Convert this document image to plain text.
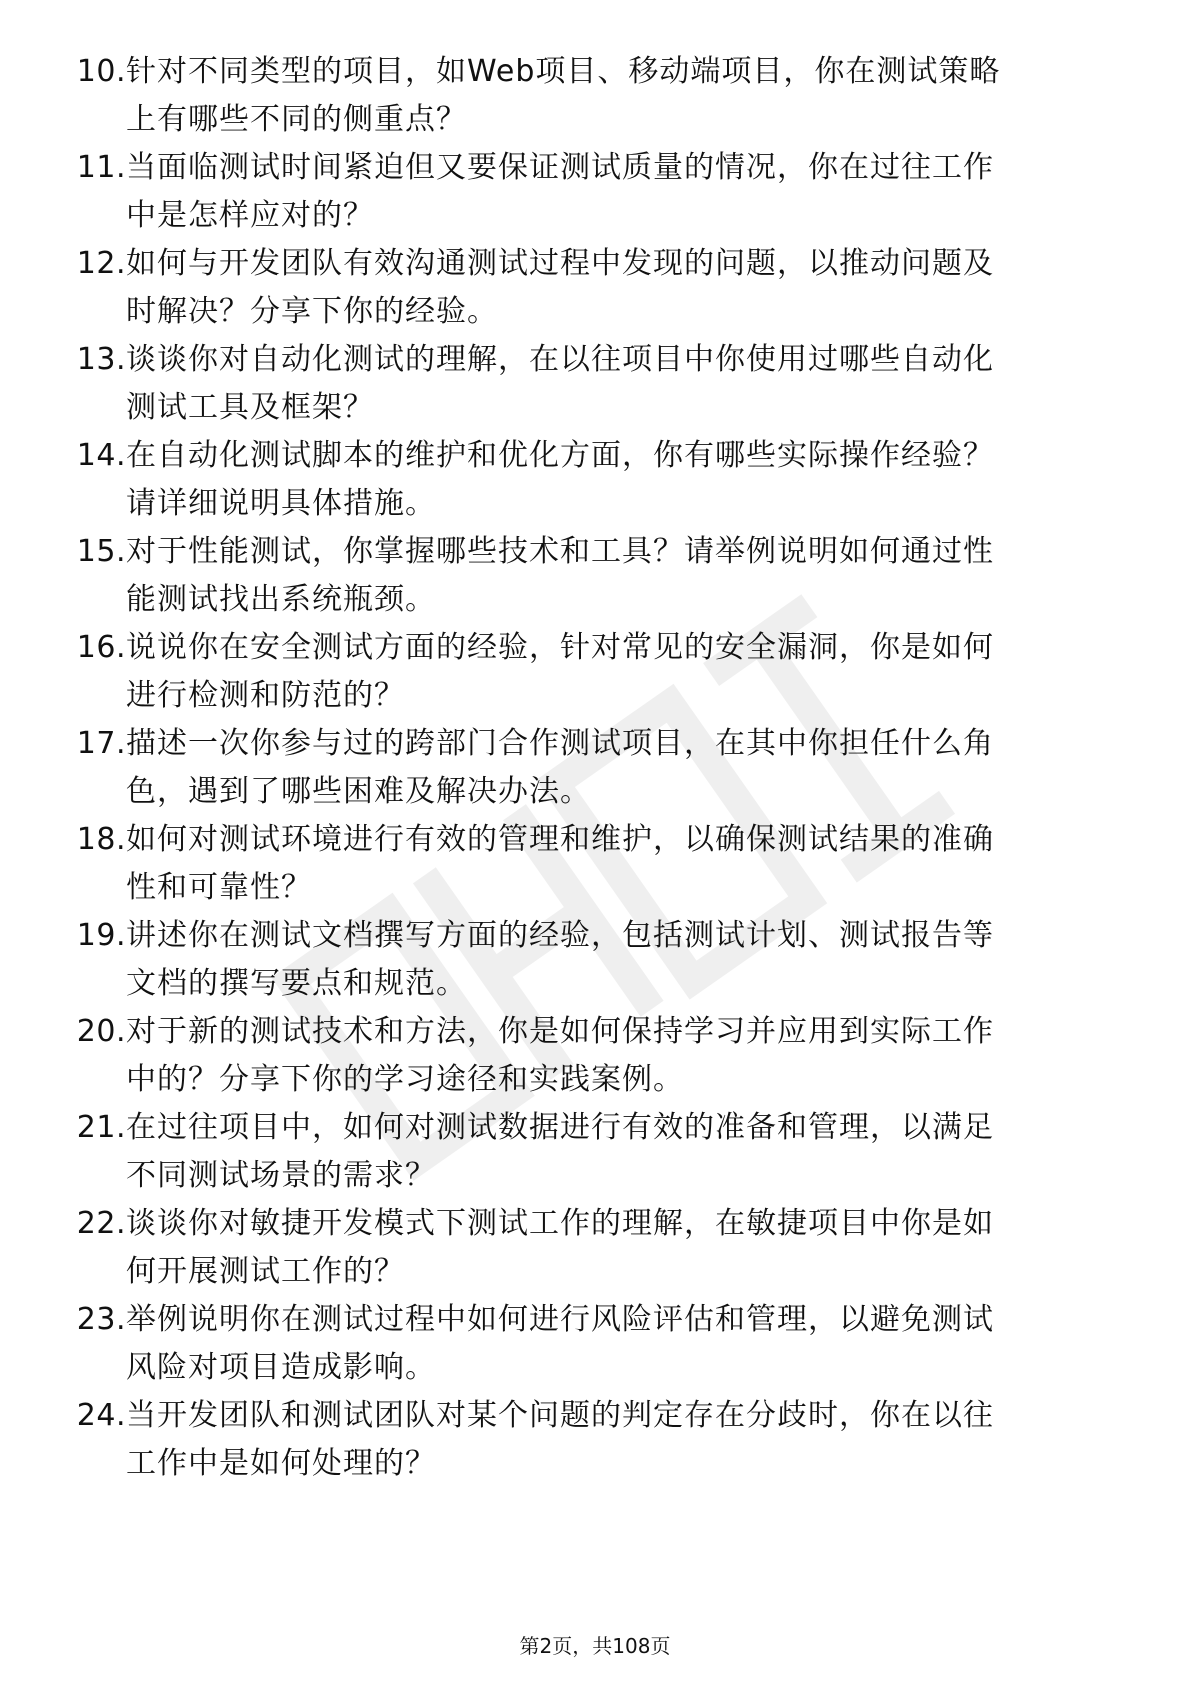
10. 针对不同类型的项目，如Web项目、移动端项目，你在测试策略
上有哪些不同的侧重点？
11. 当面临测试时间紧迫但又要保证测试质量的情况，你在过往工作
中是怎样应对的？
12. 如何与开发团队有效沟通测试过程中发现的问题，以推动问题及
时解决？分享下你的经验。
13. 谈谈你对自动化测试的理解，在以往项目中你使用过哪些自动化
测试工具及框架？
14. 在自动化测试脚本的维护和优化方面，你有哪些实际操作经验？
请详细说明具体措施。
15. 对于性能测试，你掌握哪些技术和工具？请举例说明如何通过性
能测试找出系统瓶颈。
16. 说说你在安全测试方面的经验，针对常见的安全漏洞，你是如何
进行检测和防范的？
17. 描述一次你参与过的跨部门合作测试项目，在其中你担任什么角
色，遇到了哪些困难及解决办法。
18. 如何对测试环境进行有效的管理和维护，以确保测试结果的准确
性和可靠性？
19. 讲述你在测试文档撰写方面的经验，包括测试计划、测试报告等
文档的撰写要点和规范。
20. 对于新的测试技术和方法，你是如何保持学习并应用到实际工作
中的？分享下你的学习途径和实践案例。
21. 在过往项目中，如何对测试数据进行有效的准备和管理，以满足
不同测试场景的需求？
22. 谈谈你对敏捷开发模式下测试工作的理解，在敏捷项目中你是如
何开展测试工作的？
23. 举例说明你在测试过程中如何进行风险评估和管理，以避免测试
风险对项目造成影响。
24. 当开发团队和测试团队对某个问题的判定存在分歧时，你在以往
工作中是如何处理的？
第2页，共108页
